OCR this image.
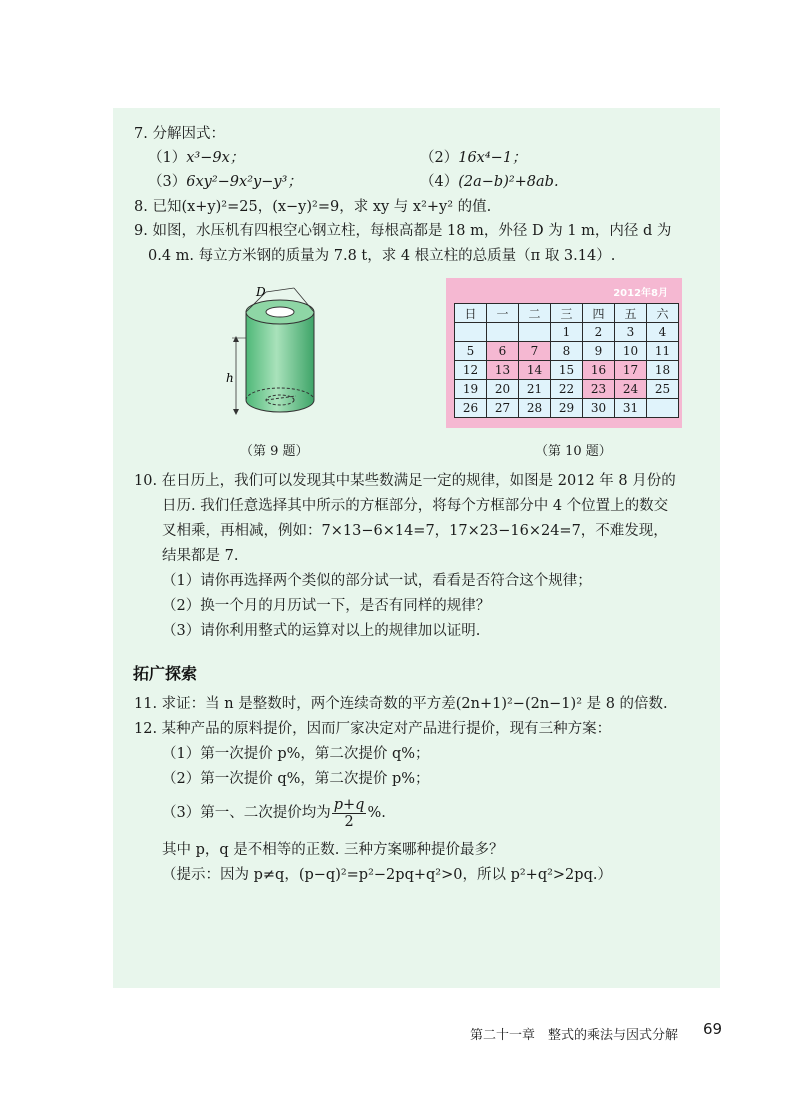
7. 分解因式：
（1）x³−9x；	（2）16x⁴−1；
（3）6xy²−9x²y−y³；	（4）(2a−b)²+8ab.
8. 已知(x+y)²=25，(x−y)²=9，求 xy 与 x²+y² 的值.
9. 如图，水压机有四根空心钢立柱，每根高都是 18 m，外径 D 为 1 m，内径 d 为
0.4 m. 每立方米钢的质量为 7.8 t，求 4 根立柱的总质量（π 取 3.14）.
D
h
（第 9 题）
2012年8月
日	一	二	三	四	五	六
			1	2	3	4
5	6	7	8	9	10	11
12	13	14	15	16	17	18
19	20	21	22	23	24	25
26	27	28	29	30	31	
（第 10 题）
10. 在日历上，我们可以发现其中某些数满足一定的规律，如图是 2012 年 8 月份的
日历. 我们任意选择其中所示的方框部分，将每个方框部分中 4 个位置上的数交
叉相乘，再相减，例如：7×13−6×14=7，17×23−16×24=7，不难发现，
结果都是 7.
（1）请你再选择两个类似的部分试一试，看看是否符合这个规律；
（2）换一个月的月历试一下，是否有同样的规律？
（3）请你利用整式的运算对以上的规律加以证明.
拓广探索
11. 求证：当 n 是整数时，两个连续奇数的平方差(2n+1)²−(2n−1)² 是 8 的倍数.
12. 某种产品的原料提价，因而厂家决定对产品进行提价，现有三种方案：
（1）第一次提价 p%，第二次提价 q%；
（2）第一次提价 q%，第二次提价 p%；
（3）第一、二次提价均为 $\frac{p+q}{2}$ %.
其中 p，q 是不相等的正数. 三种方案哪种提价最多？
（提示：因为 p≠q，(p−q)²=p²−2pq+q²>0，所以 p²+q²>2pq.）
第二十一章　整式的乘法与因式分解 69
